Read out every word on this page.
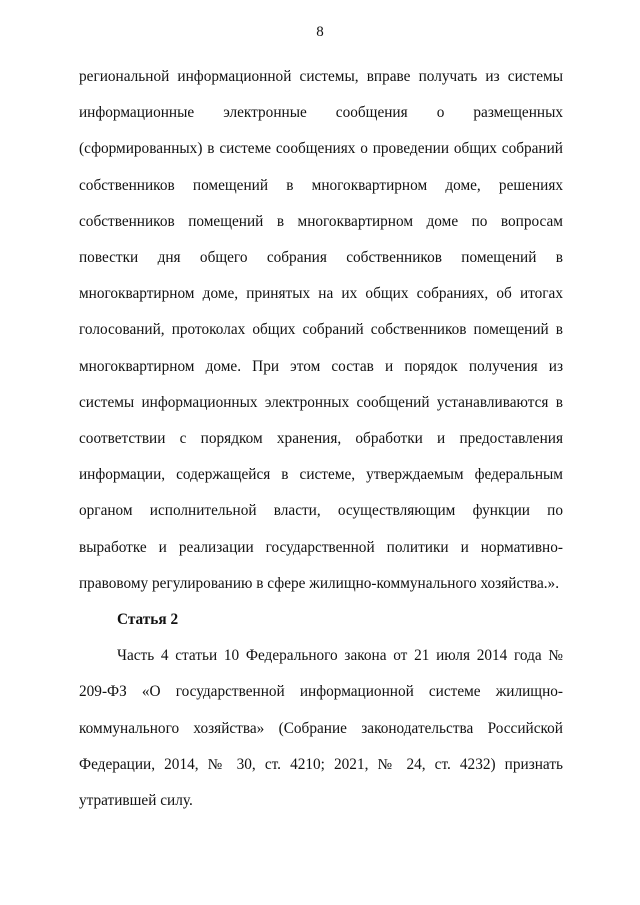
8

региональной информационной системы, вправе получать из системы информационные электронные сообщения о размещенных (сформированных) в системе сообщениях о проведении общих собраний собственников помещений в многоквартирном доме, решениях собственников помещений в многоквартирном доме по вопросам повестки дня общего собрания собственников помещений в многоквартирном доме, принятых на их общих собраниях, об итогах голосований, протоколах общих собраний собственников помещений в многоквартирном доме. При этом состав и порядок получения из системы информационных электронных сообщений устанавливаются в соответствии с порядком хранения, обработки и предоставления информации, содержащейся в системе, утверждаемым федеральным органом исполнительной власти, осуществляющим функции по выработке и реализации государственной политики и нормативно-правовому регулированию в сфере жилищно-коммунального хозяйства.».

Статья 2

Часть 4 статьи 10 Федерального закона от 21 июля 2014 года № 209-ФЗ «О государственной информационной системе жилищно-коммунального хозяйства» (Собрание законодательства Российской Федерации, 2014, № 30, ст. 4210; 2021, № 24, ст. 4232) признать утратившей силу.
